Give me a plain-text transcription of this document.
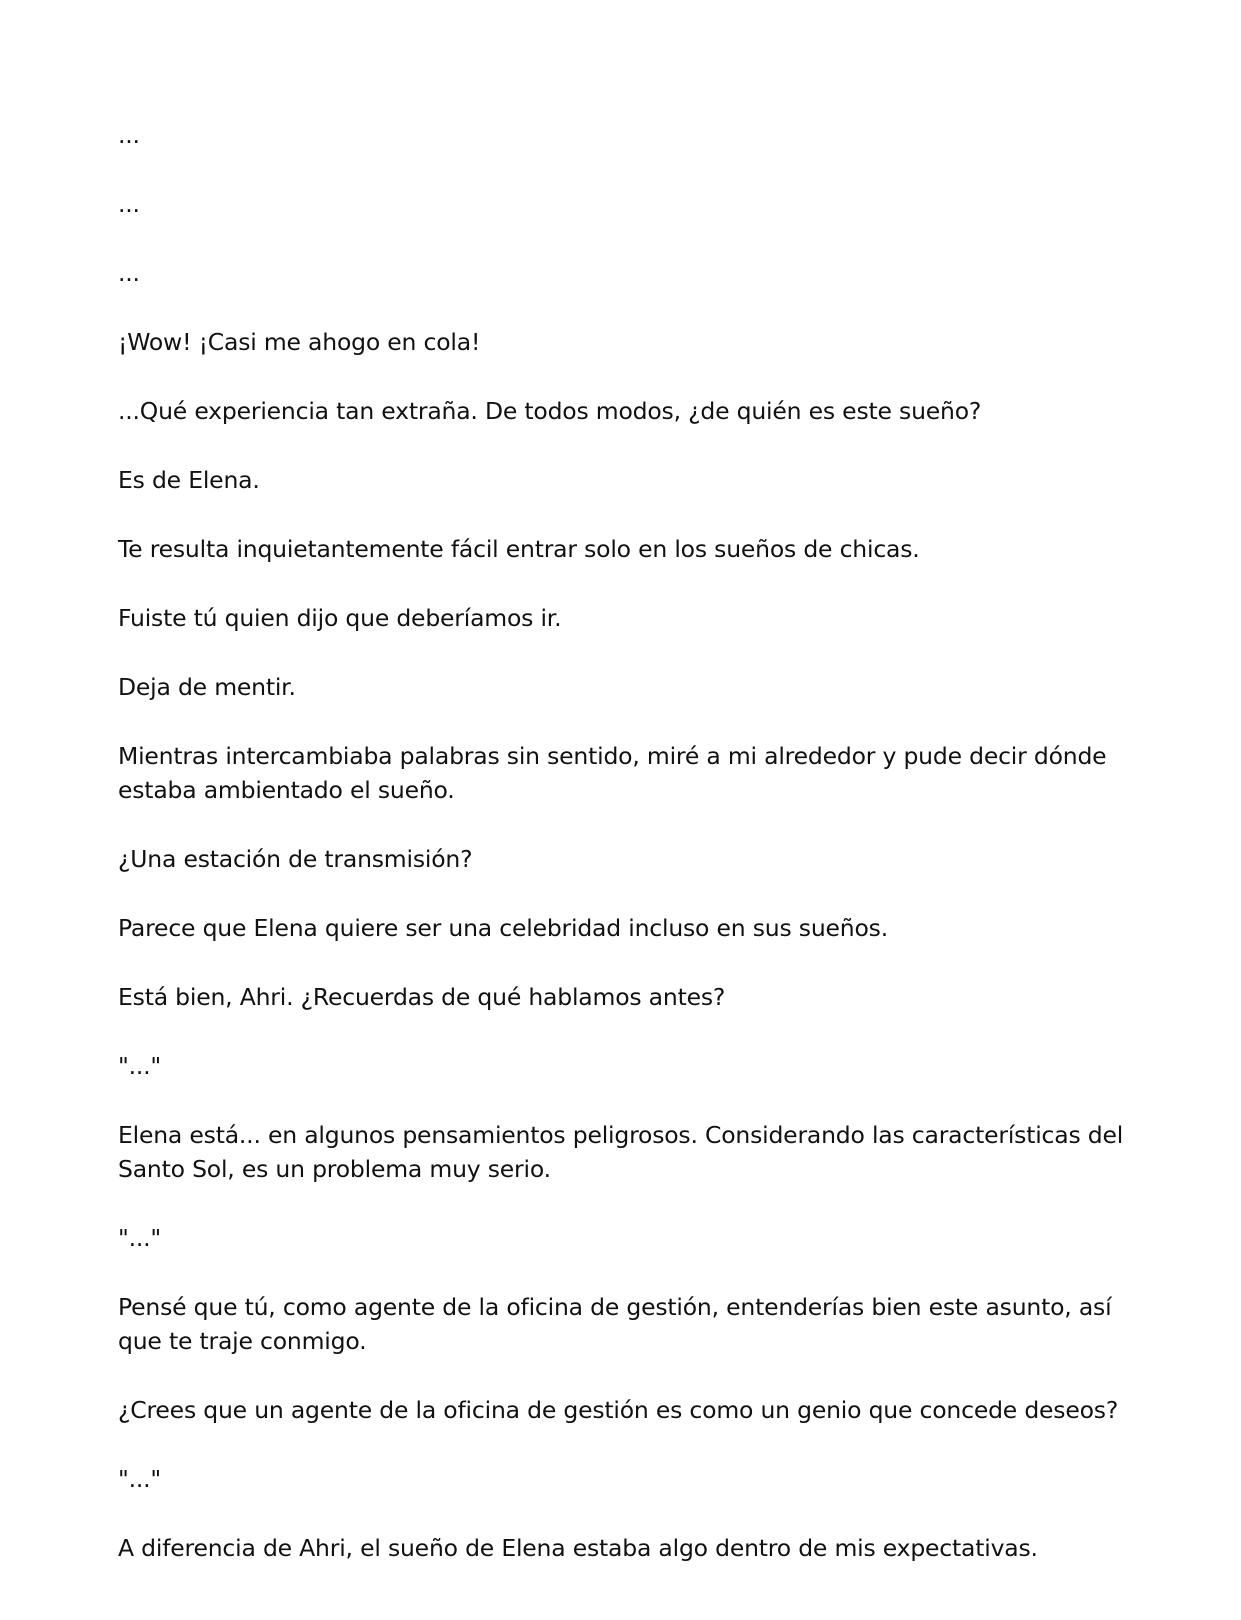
...

...

...

¡Wow! ¡Casi me ahogo en cola!

...Qué experiencia tan extraña. De todos modos, ¿de quién es este sueño?

Es de Elena.

Te resulta inquietantemente fácil entrar solo en los sueños de chicas.

Fuiste tú quien dijo que deberíamos ir.

Deja de mentir.

Mientras intercambiaba palabras sin sentido, miré a mi alrededor y pude decir dónde estaba ambientado el sueño.

¿Una estación de transmisión?

Parece que Elena quiere ser una celebridad incluso en sus sueños.

Está bien, Ahri. ¿Recuerdas de qué hablamos antes?

"..."

Elena está... en algunos pensamientos peligrosos. Considerando las características del Santo Sol, es un problema muy serio.

"..."

Pensé que tú, como agente de la oficina de gestión, entenderías bien este asunto, así que te traje conmigo.

¿Crees que un agente de la oficina de gestión es como un genio que concede deseos?

"..."

A diferencia de Ahri, el sueño de Elena estaba algo dentro de mis expectativas.
